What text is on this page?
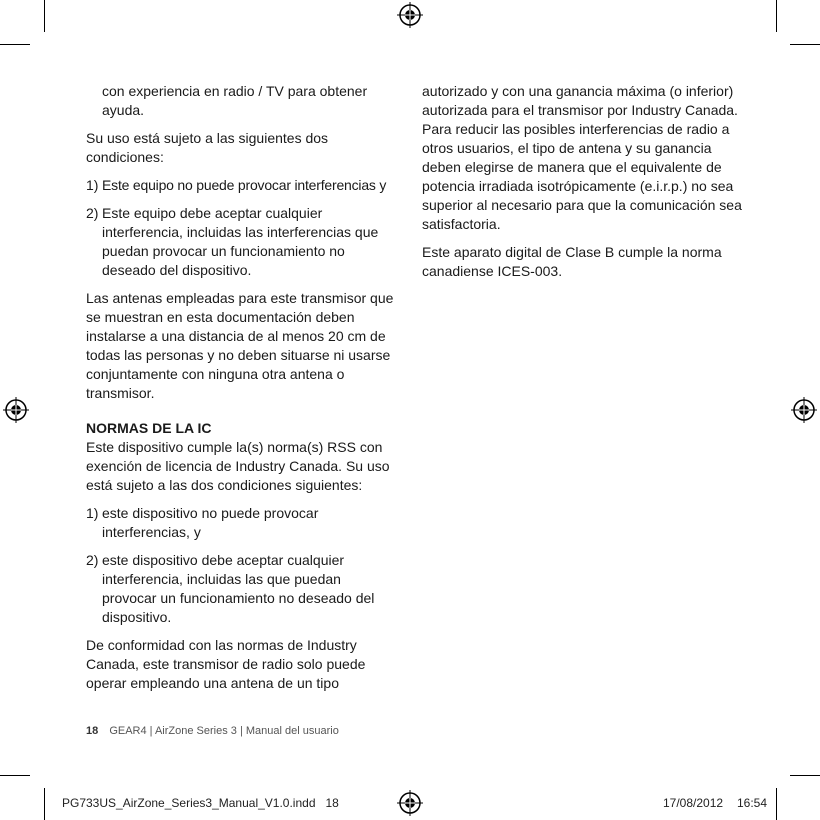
con experiencia en radio / TV para obtener ayuda.

Su uso está sujeto a las siguientes dos condiciones:

1) Este equipo no puede provocar interferencias y
2) Este equipo debe aceptar cualquier interferencia, incluidas las interferencias que puedan provocar un funcionamiento no deseado del dispositivo.

Las antenas empleadas para este transmisor que se muestran en esta documentación deben instalarse a una distancia de al menos 20 cm de todas las personas y no deben situarse ni usarse conjuntamente con ninguna otra antena o transmisor.

NORMAS DE LA IC

Este dispositivo cumple la(s) norma(s) RSS con exención de licencia de Industry Canada. Su uso está sujeto a las dos condiciones siguientes:

1) este dispositivo no puede provocar interferencias, y
2) este dispositivo debe aceptar cualquier interferencia, incluidas las que puedan provocar un funcionamiento no deseado del dispositivo.

De conformidad con las normas de Industry Canada, este transmisor de radio solo puede operar empleando una antena de un tipo

autorizado y con una ganancia máxima (o inferior) autorizada para el transmisor por Industry Canada. Para reducir las posibles interferencias de radio a otros usuarios, el tipo de antena y su ganancia deben elegirse de manera que el equivalente de potencia irradiada isotrópicamente (e.i.r.p.) no sea superior al necesario para que la comunicación sea satisfactoria.

Este aparato digital de Clase B cumple la norma canadiense ICES-003.

18 GEAR4 | AirZone Series 3 | Manual del usuario
PG733US_AirZone_Series3_Manual_V1.0.indd   18	17/08/2012 16:54
